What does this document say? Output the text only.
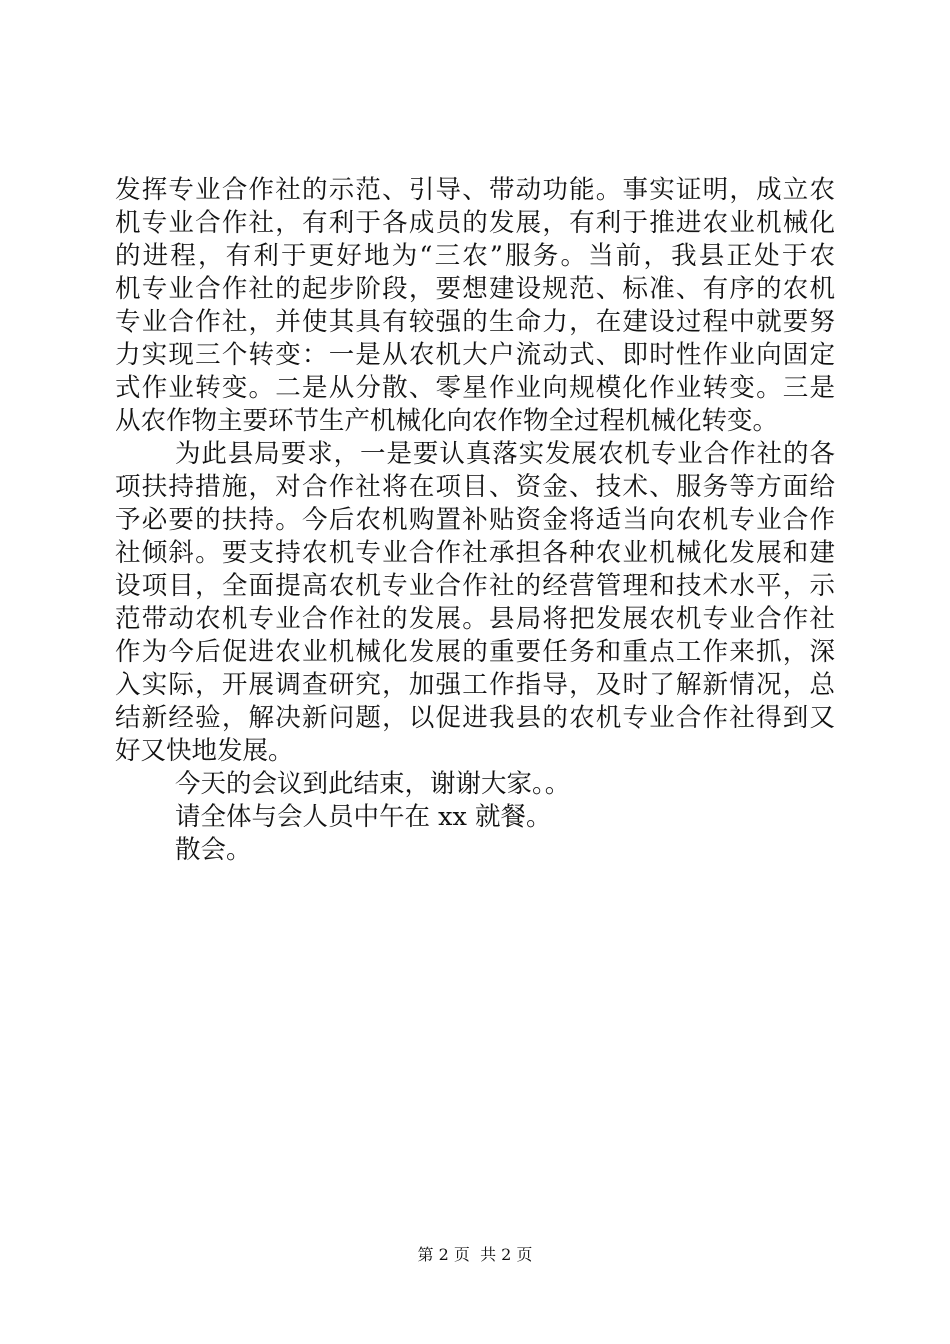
发挥专业合作社的示范、引导、带动功能。事实证明，成立农
机专业合作社，有利于各成员的发展，有利于推进农业机械化
的进程，有利于更好地为“三农”服务。当前，我县正处于农
机专业合作社的起步阶段，要想建设规范、标准、有序的农机
专业合作社，并使其具有较强的生命力，在建设过程中就要努
力实现三个转变：一是从农机大户流动式、即时性作业向固定
式作业转变。二是从分散、零星作业向规模化作业转变。三是
从农作物主要环节生产机械化向农作物全过程机械化转变。
为此县局要求，一是要认真落实发展农机专业合作社的各
项扶持措施，对合作社将在项目、资金、技术、服务等方面给
予必要的扶持。今后农机购置补贴资金将适当向农机专业合作
社倾斜。要支持农机专业合作社承担各种农业机械化发展和建
设项目，全面提高农机专业合作社的经营管理和技术水平，示
范带动农机专业合作社的发展。县局将把发展农机专业合作社
作为今后促进农业机械化发展的重要任务和重点工作来抓，深
入实际，开展调查研究，加强工作指导，及时了解新情况，总
结新经验，解决新问题，以促进我县的农机专业合作社得到又
好又快地发展。
今天的会议到此结束，谢谢大家。。
请全体与会人员中午在 xx 就餐。
散会。
第 2 页  共 2 页
